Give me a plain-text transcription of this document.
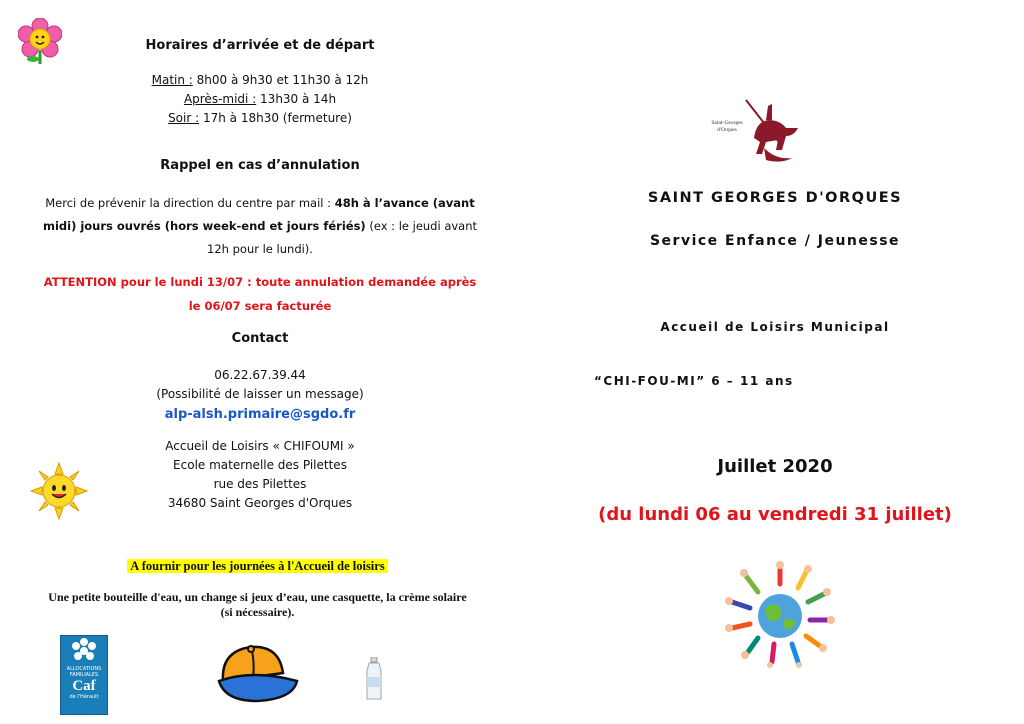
Horaires d’arrivée et de départ
Matin : 8h00 à 9h30 et 11h30 à 12h
Après-midi : 13h30 à 14h
Soir : 17h à 18h30 (fermeture)
Rappel en cas d’annulation
Merci de prévenir la direction du centre par mail : 48h à l’avance (avant
midi) jours ouvrés (hors week-end et jours fériés) (ex : le jeudi avant
12h pour le lundi).
ATTENTION pour le lundi 13/07 : toute annulation demandée après
le 06/07 sera facturée
Contact
06.22.67.39.44
(Possibilité de laisser un message)
alp-alsh.primaire@sgdo.fr
Accueil de Loisirs « CHIFOUMI »
Ecole maternelle des Pilettes
rue des Pilettes
34680 Saint Georges d'Orques
A fournir pour les journées à l'Accueil de loisirs
Une petite bouteille d'eau, un change si jeux d’eau, une casquette, la crème solaire
(si nécessaire).
ALLOCATIONS
FAMILIALES
Caf
de l'Hérault
Saint-Georges
d'Orques
SAINT GEORGES D'ORQUES
Service Enfance / Jeunesse
Accueil de Loisirs Municipal
“CHI-FOU-MI” 6 – 11 ans
Juillet 2020
(du lundi 06 au vendredi 31 juillet)
